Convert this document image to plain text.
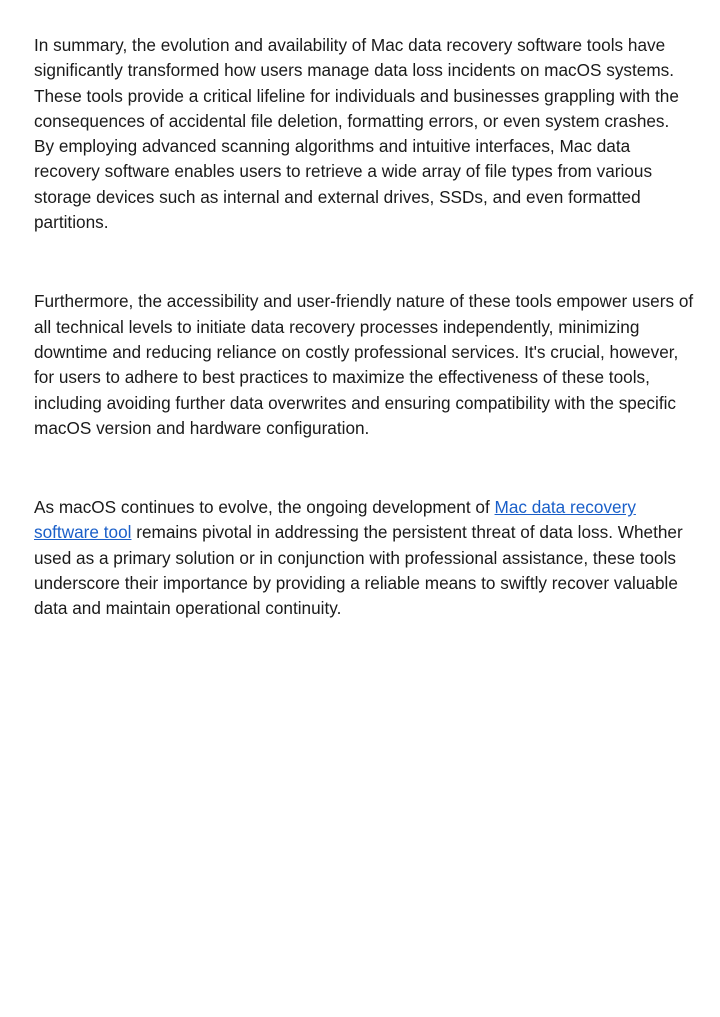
In summary, the evolution and availability of Mac data recovery software tools have significantly transformed how users manage data loss incidents on macOS systems. These tools provide a critical lifeline for individuals and businesses grappling with the consequences of accidental file deletion, formatting errors, or even system crashes. By employing advanced scanning algorithms and intuitive interfaces, Mac data recovery software enables users to retrieve a wide array of file types from various storage devices such as internal and external drives, SSDs, and even formatted partitions.

Furthermore, the accessibility and user-friendly nature of these tools empower users of all technical levels to initiate data recovery processes independently, minimizing downtime and reducing reliance on costly professional services. It's crucial, however, for users to adhere to best practices to maximize the effectiveness of these tools, including avoiding further data overwrites and ensuring compatibility with the specific macOS version and hardware configuration.

As macOS continues to evolve, the ongoing development of Mac data recovery software tool remains pivotal in addressing the persistent threat of data loss. Whether used as a primary solution or in conjunction with professional assistance, these tools underscore their importance by providing a reliable means to swiftly recover valuable data and maintain operational continuity.
